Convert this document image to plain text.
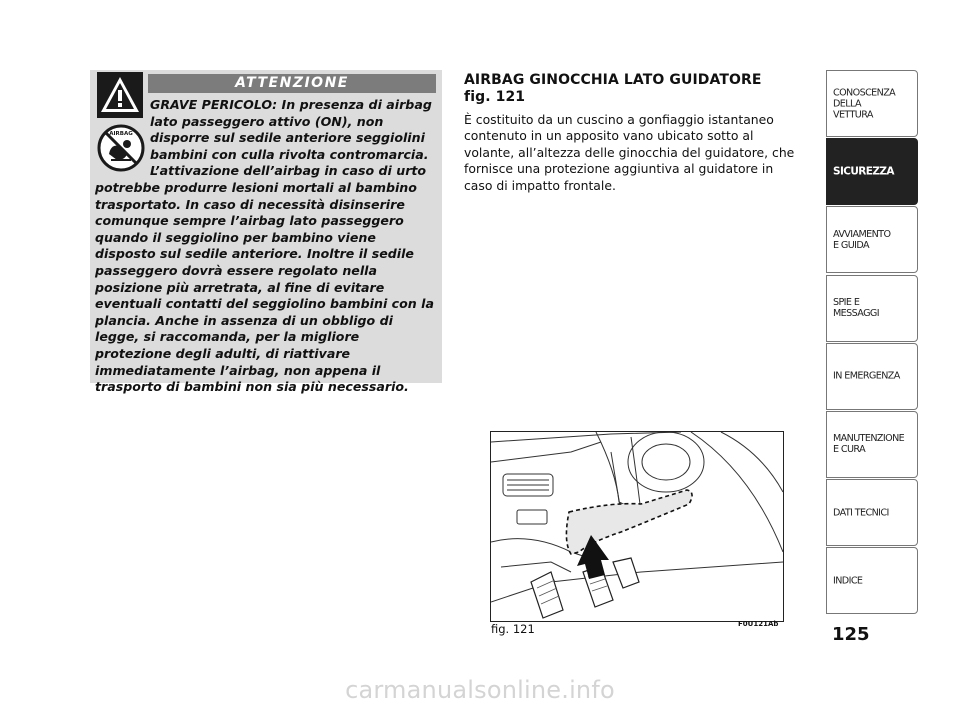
ATTENZIONE
AIRBAG

GRAVE PERICOLO: In presenza di airbag lato passeggero attivo (ON), non disporre sul sedile anteriore seggiolini bambini con culla rivolta contromarcia. L’attivazione dell’airbag in caso di urto potrebbe produrre lesioni mortali al bambino trasportato. In caso di necessità disinserire comunque sempre l’airbag lato passeggero quando il seggiolino per bambino viene disposto sul sedile anteriore. Inoltre il sedile passeggero dovrà essere regolato nella posizione più arretrata, al fine di evitare eventuali contatti del seggiolino bambini con la plancia. Anche in assenza di un obbligo di legge, si raccomanda, per la migliore protezione degli adulti, di riattivare immediatamente l’airbag, non appena il trasporto di bambini non sia più necessario.

AIRBAG GINOCCHIA LATO GUIDATORE
fig. 121
È costituito da un cuscino a gonfiaggio istantaneo contenuto in un apposito vano ubicato sotto al volante, all’altezza delle ginocchia del guidatore, che fornisce una protezione aggiuntiva al guidatore in caso di impatto frontale.
fig. 121	F0U121Ab
CONOSCENZA
DELLA
VETTURA
SICUREZZA
AVVIAMENTO
E GUIDA
SPIE E
MESSAGGI
IN EMERGENZA
MANUTENZIONE
E CURA
DATI TECNICI
INDICE
125
carmanualsonline.info
